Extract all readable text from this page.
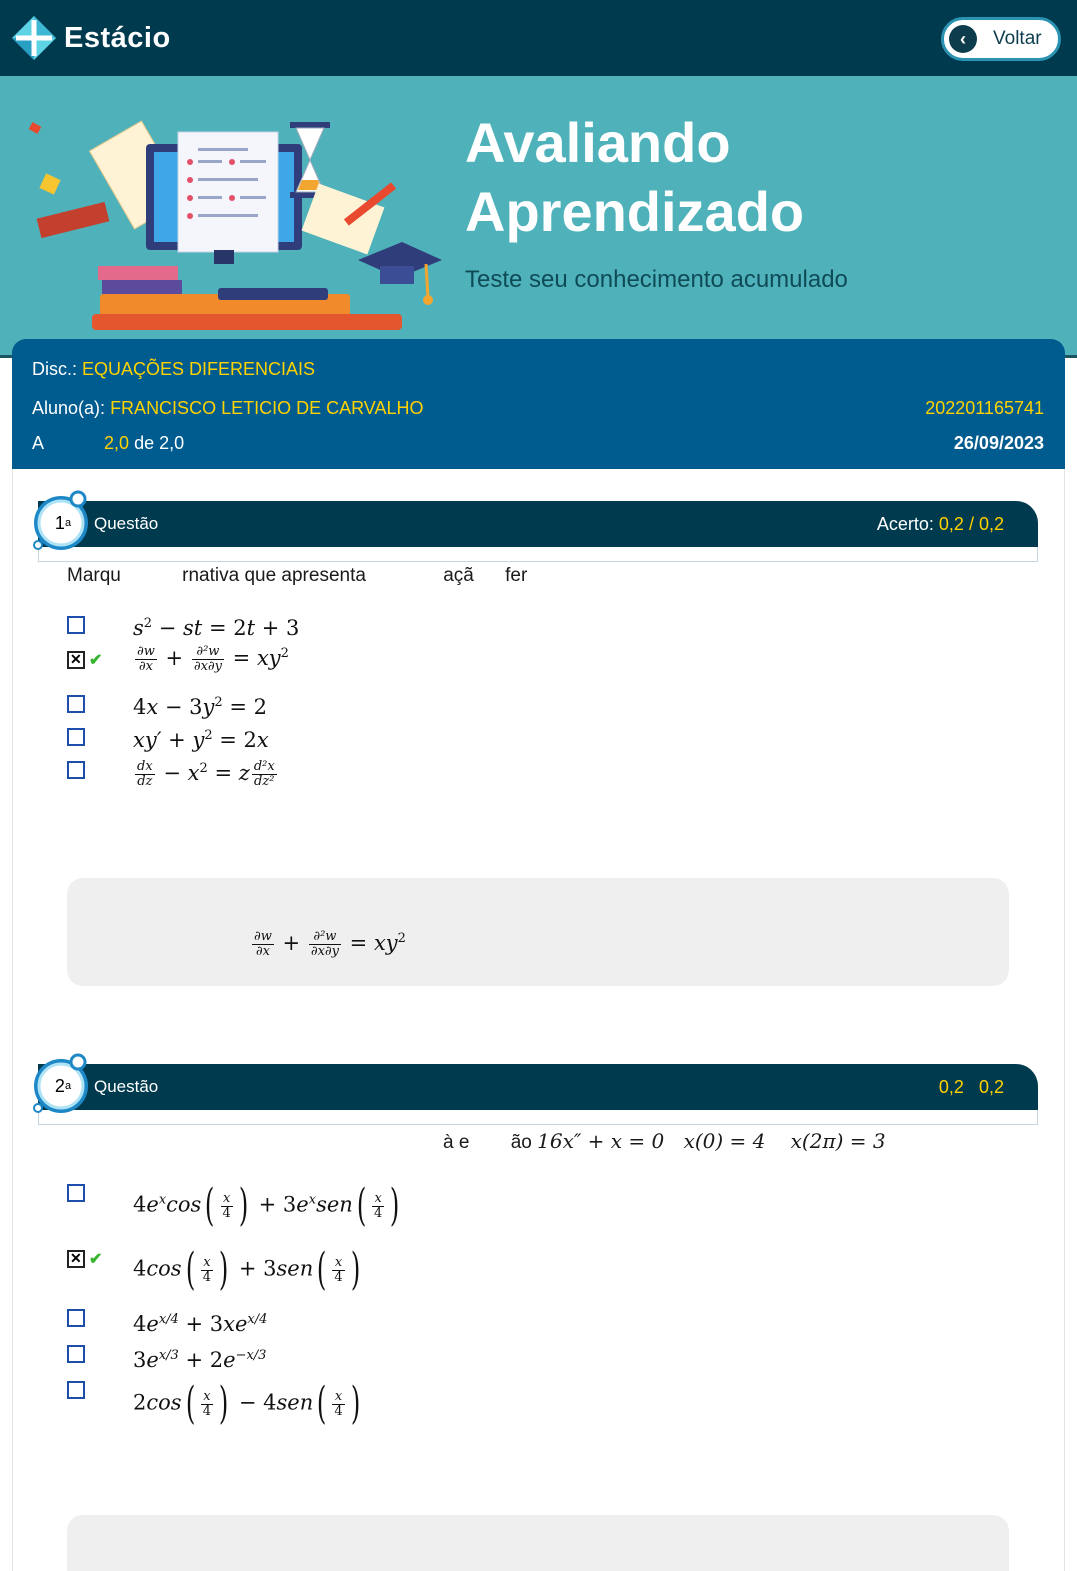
Estácio	‹	Voltar
Avaliando
Aprendizado
Teste seu conhecimento acumulado
Disc.: EQUAÇÕES DIFERENCIAIS
Aluno(a): FRANCISCO LETICIO DE CARVALHO	202201165741
A	2,0 de 2,0	26/09/2023
Questão	Acerto: 0,2 / 0,2
1 a
Marqu	rnativa que apresenta	açã fer
$s^2$ − st = 2t + 3
✕
✔	$\frac{\partial w}{\partial x} + \frac{\text{∂²w}}{\partial x\partial y} = xy^2$
$4x - 3y^2 = 2$
$xy' + y^2 = 2x$
$\frac{dx}{dz} - x^2 = z \frac{\text{d²x}}{\text{dz²}}$
$\frac{\partial w}{\partial x} + \frac{\text{∂²w}}{\partial x\partial y} = xy^2$
Questão	0,2 0,2
2 a
à e ão 16x″ + x = 0 x(0) = 4 x(2π) = 3
$4e^x\cos( \frac{x}{4}$ ) + $3e^xsen( \frac{x}{4}$ )
✕
✔ $4\cos( \frac{x}{4}$ ) + $3sen( \frac{x}{4}$ )
$4e^{x/4} + 3xe^{x/4}$
$3e^{x/3} + 2e^{-x/3}$
$2\cos( \frac{x}{4}$ ) − $4sen( \frac{x}{4}$ )
